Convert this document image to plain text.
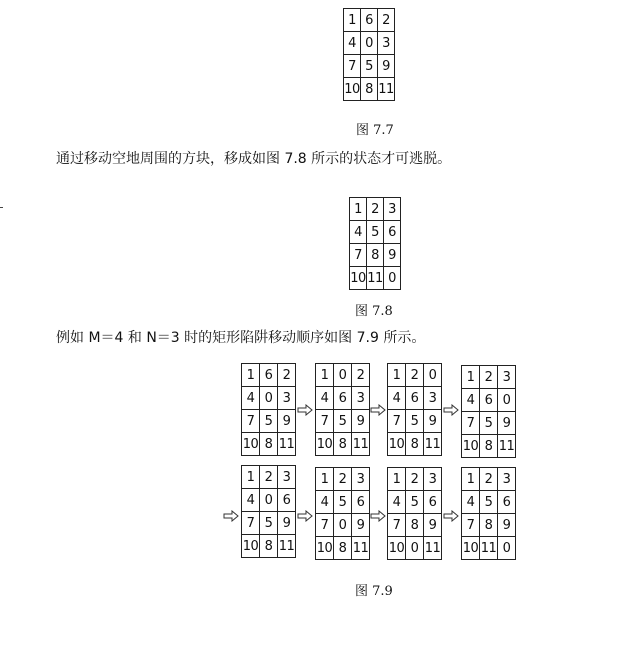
1	6	2
4	0	3
7	5	9
10	8	11
图 7.7
通过移动空地周围的方块，移成如图 7.8 所示的状态才可逃脱。
1	2	3
4	5	6
7	8	9
10	11	0
图 7.8
例如 M＝4 和 N＝3 时的矩形陷阱移动顺序如图 7.9 所示。
1	6	2
4	0	3
7	5	9
10	8	11
1	0	2
4	6	3
7	5	9
10	8	11
1	2	0
4	6	3
7	5	9
10	8	11
1	2	3
4	6	0
7	5	9
10	8	11
1	2	3
4	0	6
7	5	9
10	8	11
1	2	3
4	5	6
7	0	9
10	8	11
1	2	3
4	5	6
7	8	9
10	0	11
1	2	3
4	5	6
7	8	9
10	11	0
图 7.9
